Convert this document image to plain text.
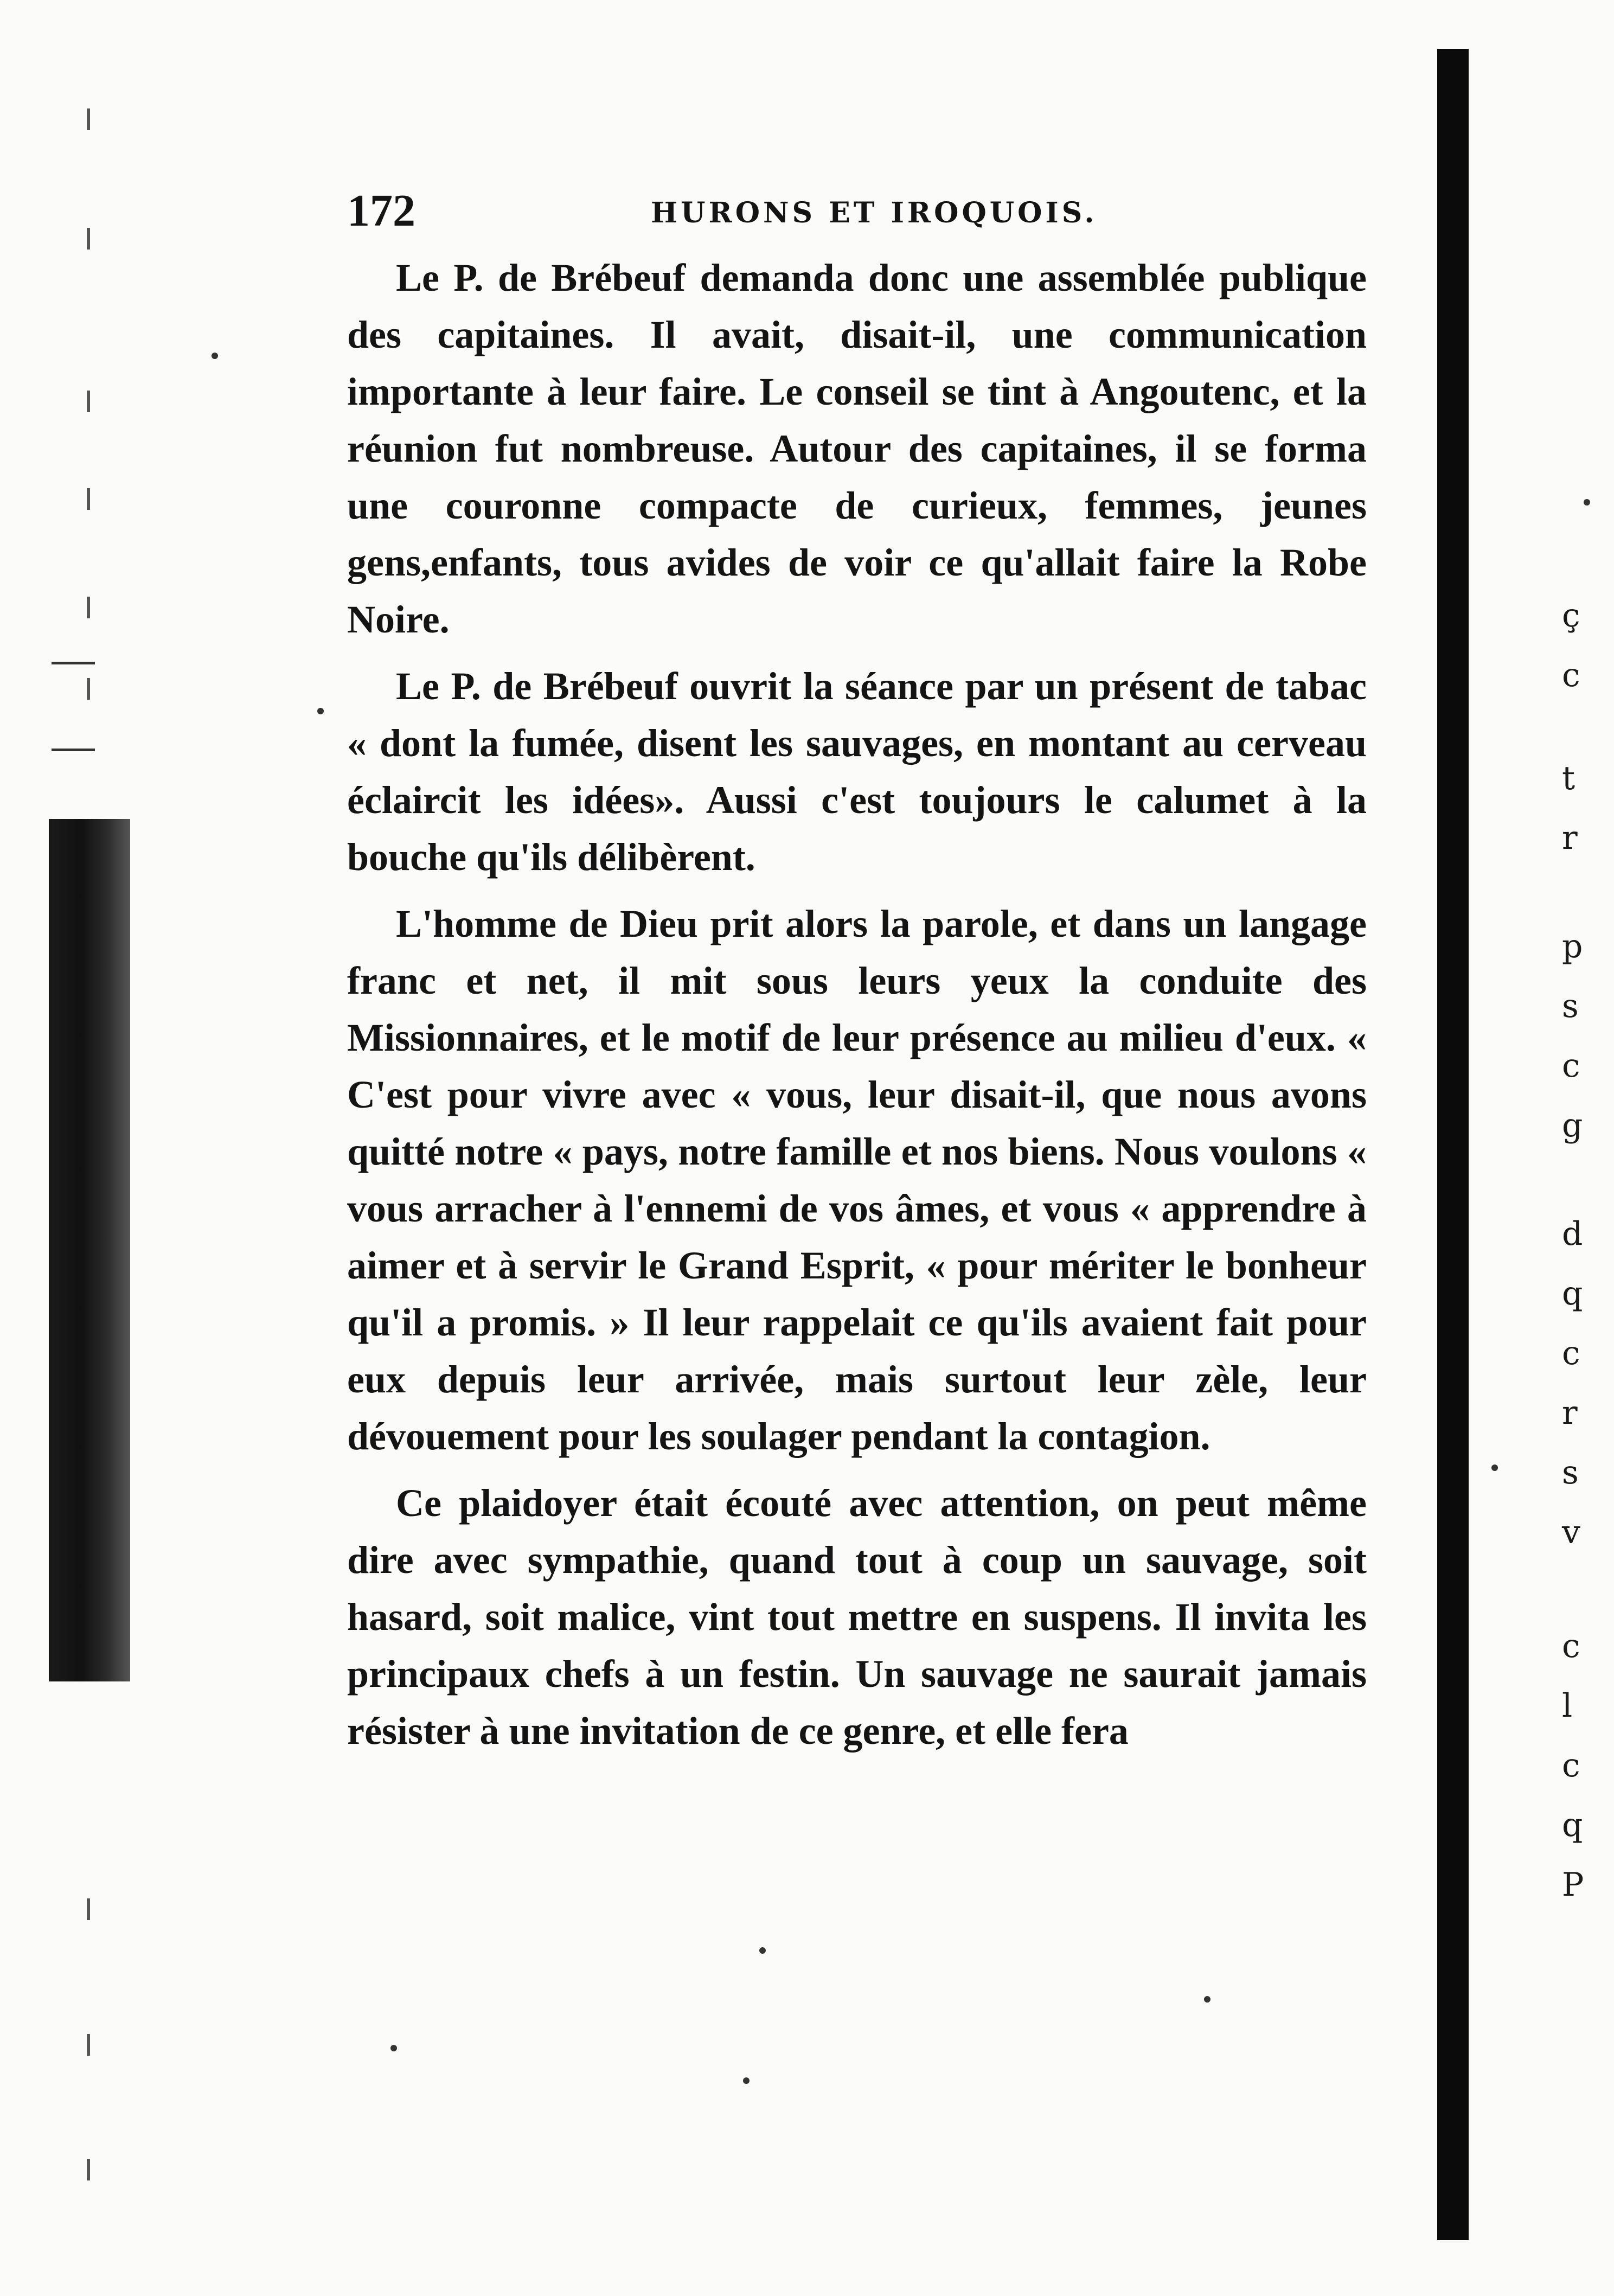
ç
c
t
r
p
s
c
g
d
q
c
r
s
v
c
l
c
q
P
172	HURONS ET IROQUOIS.

Le P. de Brébeuf demanda donc une assemblée publique des capitaines. Il avait, disait-il, une communication importante à leur faire. Le conseil se tint à Angoutenc, et la réunion fut nombreuse. Autour des capitaines, il se forma une couronne compacte de curieux, femmes, jeunes gens,enfants, tous avides de voir ce qu'allait faire la Robe Noire.

Le P. de Brébeuf ouvrit la séance par un présent de tabac « dont la fumée, disent les sauvages, en montant au cerveau éclaircit les idées». Aussi c'est toujours le calumet à la bouche qu'ils délibèrent.

L'homme de Dieu prit alors la parole, et dans un langage franc et net, il mit sous leurs yeux la conduite des Missionnaires, et le motif de leur présence au milieu d'eux. « C'est pour vivre avec « vous, leur disait-il, que nous avons quitté notre « pays, notre famille et nos biens. Nous voulons « vous arracher à l'ennemi de vos âmes, et vous « apprendre à aimer et à servir le Grand Esprit, « pour mériter le bonheur qu'il a promis. » Il leur rappelait ce qu'ils avaient fait pour eux depuis leur arrivée, mais surtout leur zèle, leur dévouement pour les soulager pendant la contagion.

Ce plaidoyer était écouté avec attention, on peut même dire avec sympathie, quand tout à coup un sauvage, soit hasard, soit malice, vint tout mettre en suspens. Il invita les principaux chefs à un festin. Un sauvage ne saurait jamais résister à une invitation de ce genre, et elle fera
